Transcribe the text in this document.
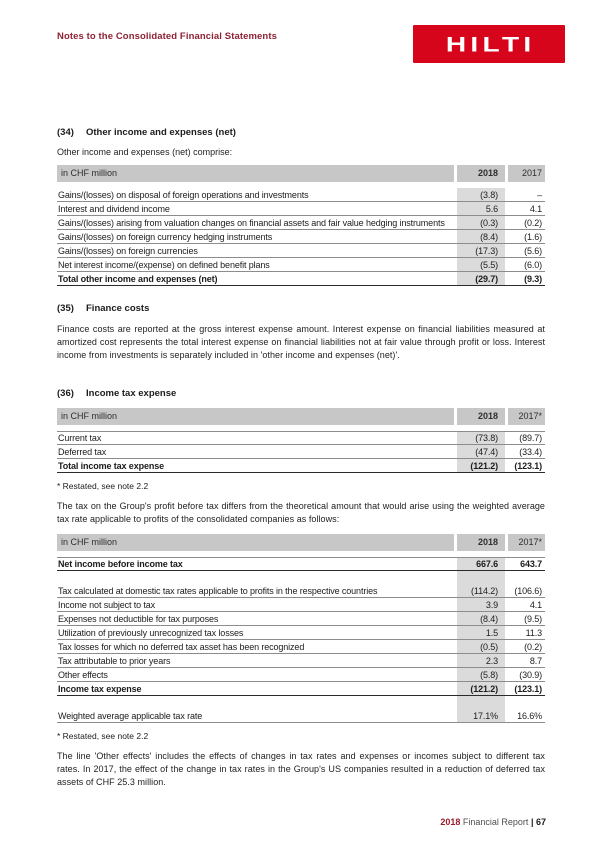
Notes to the Consolidated Financial Statements	HILTI
(34)	Other income and expenses (net)
Other income and expenses (net) comprise:
in CHF million	2018	2017
Gains/(losses) on disposal of foreign operations and investments	(3.8)	–
Interest and dividend income	5.6	4.1
Gains/(losses) arising from valuation changes on financial assets and fair value hedging instruments	(0.3)	(0.2)
Gains/(losses) on foreign currency hedging instruments	(8.4)	(1.6)
Gains/(losses) on foreign currencies	(17.3)	(5.6)
Net interest income/(expense) on defined benefit plans	(5.5)	(6.0)
Total other income and expenses (net)	(29.7)	(9.3)
(35)	Finance costs
Finance costs are reported at the gross interest expense amount. Interest expense on financial liabilities measured at amortized cost represents the total interest expense on financial liabilities not at fair value through profit or loss. Interest income from investments is separately included in 'other income and expenses (net)'.
(36)	Income tax expense
in CHF million	2018	2017*
Current tax	(73.8)	(89.7)
Deferred tax	(47.4)	(33.4)
Total income tax expense	(121.2)	(123.1)
* Restated, see note 2.2
The tax on the Group's profit before tax differs from the theoretical amount that would arise using the weighted average tax rate applicable to profits of the consolidated companies as follows:
in CHF million	2018	2017*
Net income before income tax	667.6	643.7
Tax calculated at domestic tax rates applicable to profits in the respective countries	(114.2)	(106.6)
Income not subject to tax	3.9	4.1
Expenses not deductible for tax purposes	(8.4)	(9.5)
Utilization of previously unrecognized tax losses	1.5	11.3
Tax losses for which no deferred tax asset has been recognized	(0.5)	(0.2)
Tax attributable to prior years	2.3	8.7
Other effects	(5.8)	(30.9)
Income tax expense	(121.2)	(123.1)
Weighted average applicable tax rate	17.1%	16.6%
* Restated, see note 2.2
The line 'Other effects' includes the effects of changes in tax rates and expenses or incomes subject to different tax rates. In 2017, the effect of the change in tax rates in the Group's US companies resulted in a reduction of deferred tax assets of CHF 25.3 million.
2018 Financial Report | 67
